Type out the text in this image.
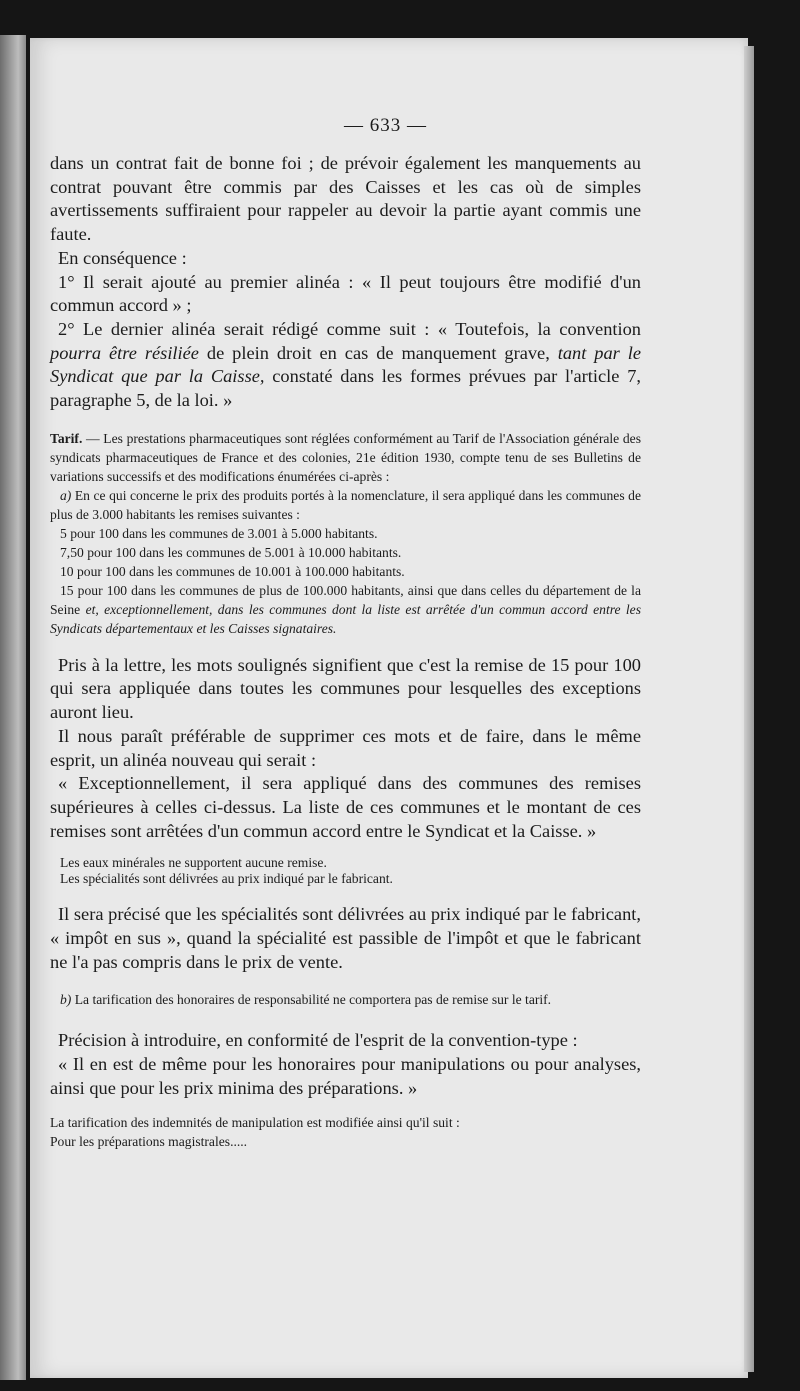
— 633 —

dans un contrat fait de bonne foi ; de prévoir également les manquements au contrat pouvant être commis par des Caisses et les cas où de simples avertissements suffiraient pour rappeler au devoir la partie ayant commis une faute.

En conséquence :

1° Il serait ajouté au premier alinéa : « Il peut toujours être modifié d'un commun accord » ;

2° Le dernier alinéa serait rédigé comme suit : « Toutefois, la convention pourra être résiliée de plein droit en cas de manquement grave, tant par le Syndicat que par la Caisse, constaté dans les formes prévues par l'article 7, paragraphe 5, de la loi. »

Tarif. — Les prestations pharmaceutiques sont réglées conformément au Tarif de l'Association générale des syndicats pharmaceutiques de France et des colonies, 21e édition 1930, compte tenu de ses Bulletins de variations successifs et des modifications énumérées ci-après :

a) En ce qui concerne le prix des produits portés à la nomenclature, il sera appliqué dans les communes de plus de 3.000 habitants les remises suivantes :

5 pour 100 dans les communes de 3.001 à 5.000 habitants.

7,50 pour 100 dans les communes de 5.001 à 10.000 habitants.

10 pour 100 dans les communes de 10.001 à 100.000 habitants.

15 pour 100 dans les communes de plus de 100.000 habitants, ainsi que dans celles du département de la Seine et, exceptionnellement, dans les communes dont la liste est arrêtée d'un commun accord entre les Syndicats départementaux et les Caisses signataires.

Pris à la lettre, les mots soulignés signifient que c'est la remise de 15 pour 100 qui sera appliquée dans toutes les communes pour lesquelles des exceptions auront lieu.

Il nous paraît préférable de supprimer ces mots et de faire, dans le même esprit, un alinéa nouveau qui serait :

« Exceptionnellement, il sera appliqué dans des communes des remises supérieures à celles ci-dessus. La liste de ces communes et le montant de ces remises sont arrêtées d'un commun accord entre le Syndicat et la Caisse. »

Les eaux minérales ne supportent aucune remise.

Les spécialités sont délivrées au prix indiqué par le fabricant.

Il sera précisé que les spécialités sont délivrées au prix indiqué par le fabricant, « impôt en sus », quand la spécialité est passible de l'impôt et que le fabricant ne l'a pas compris dans le prix de vente.

b) La tarification des honoraires de responsabilité ne comportera pas de remise sur le tarif.

Précision à introduire, en conformité de l'esprit de la convention-type :

« Il en est de même pour les honoraires pour manipulations ou pour analyses, ainsi que pour les prix minima des préparations. »

La tarification des indemnités de manipulation est modifiée ainsi qu'il suit :

Pour les préparations magistrales.....
